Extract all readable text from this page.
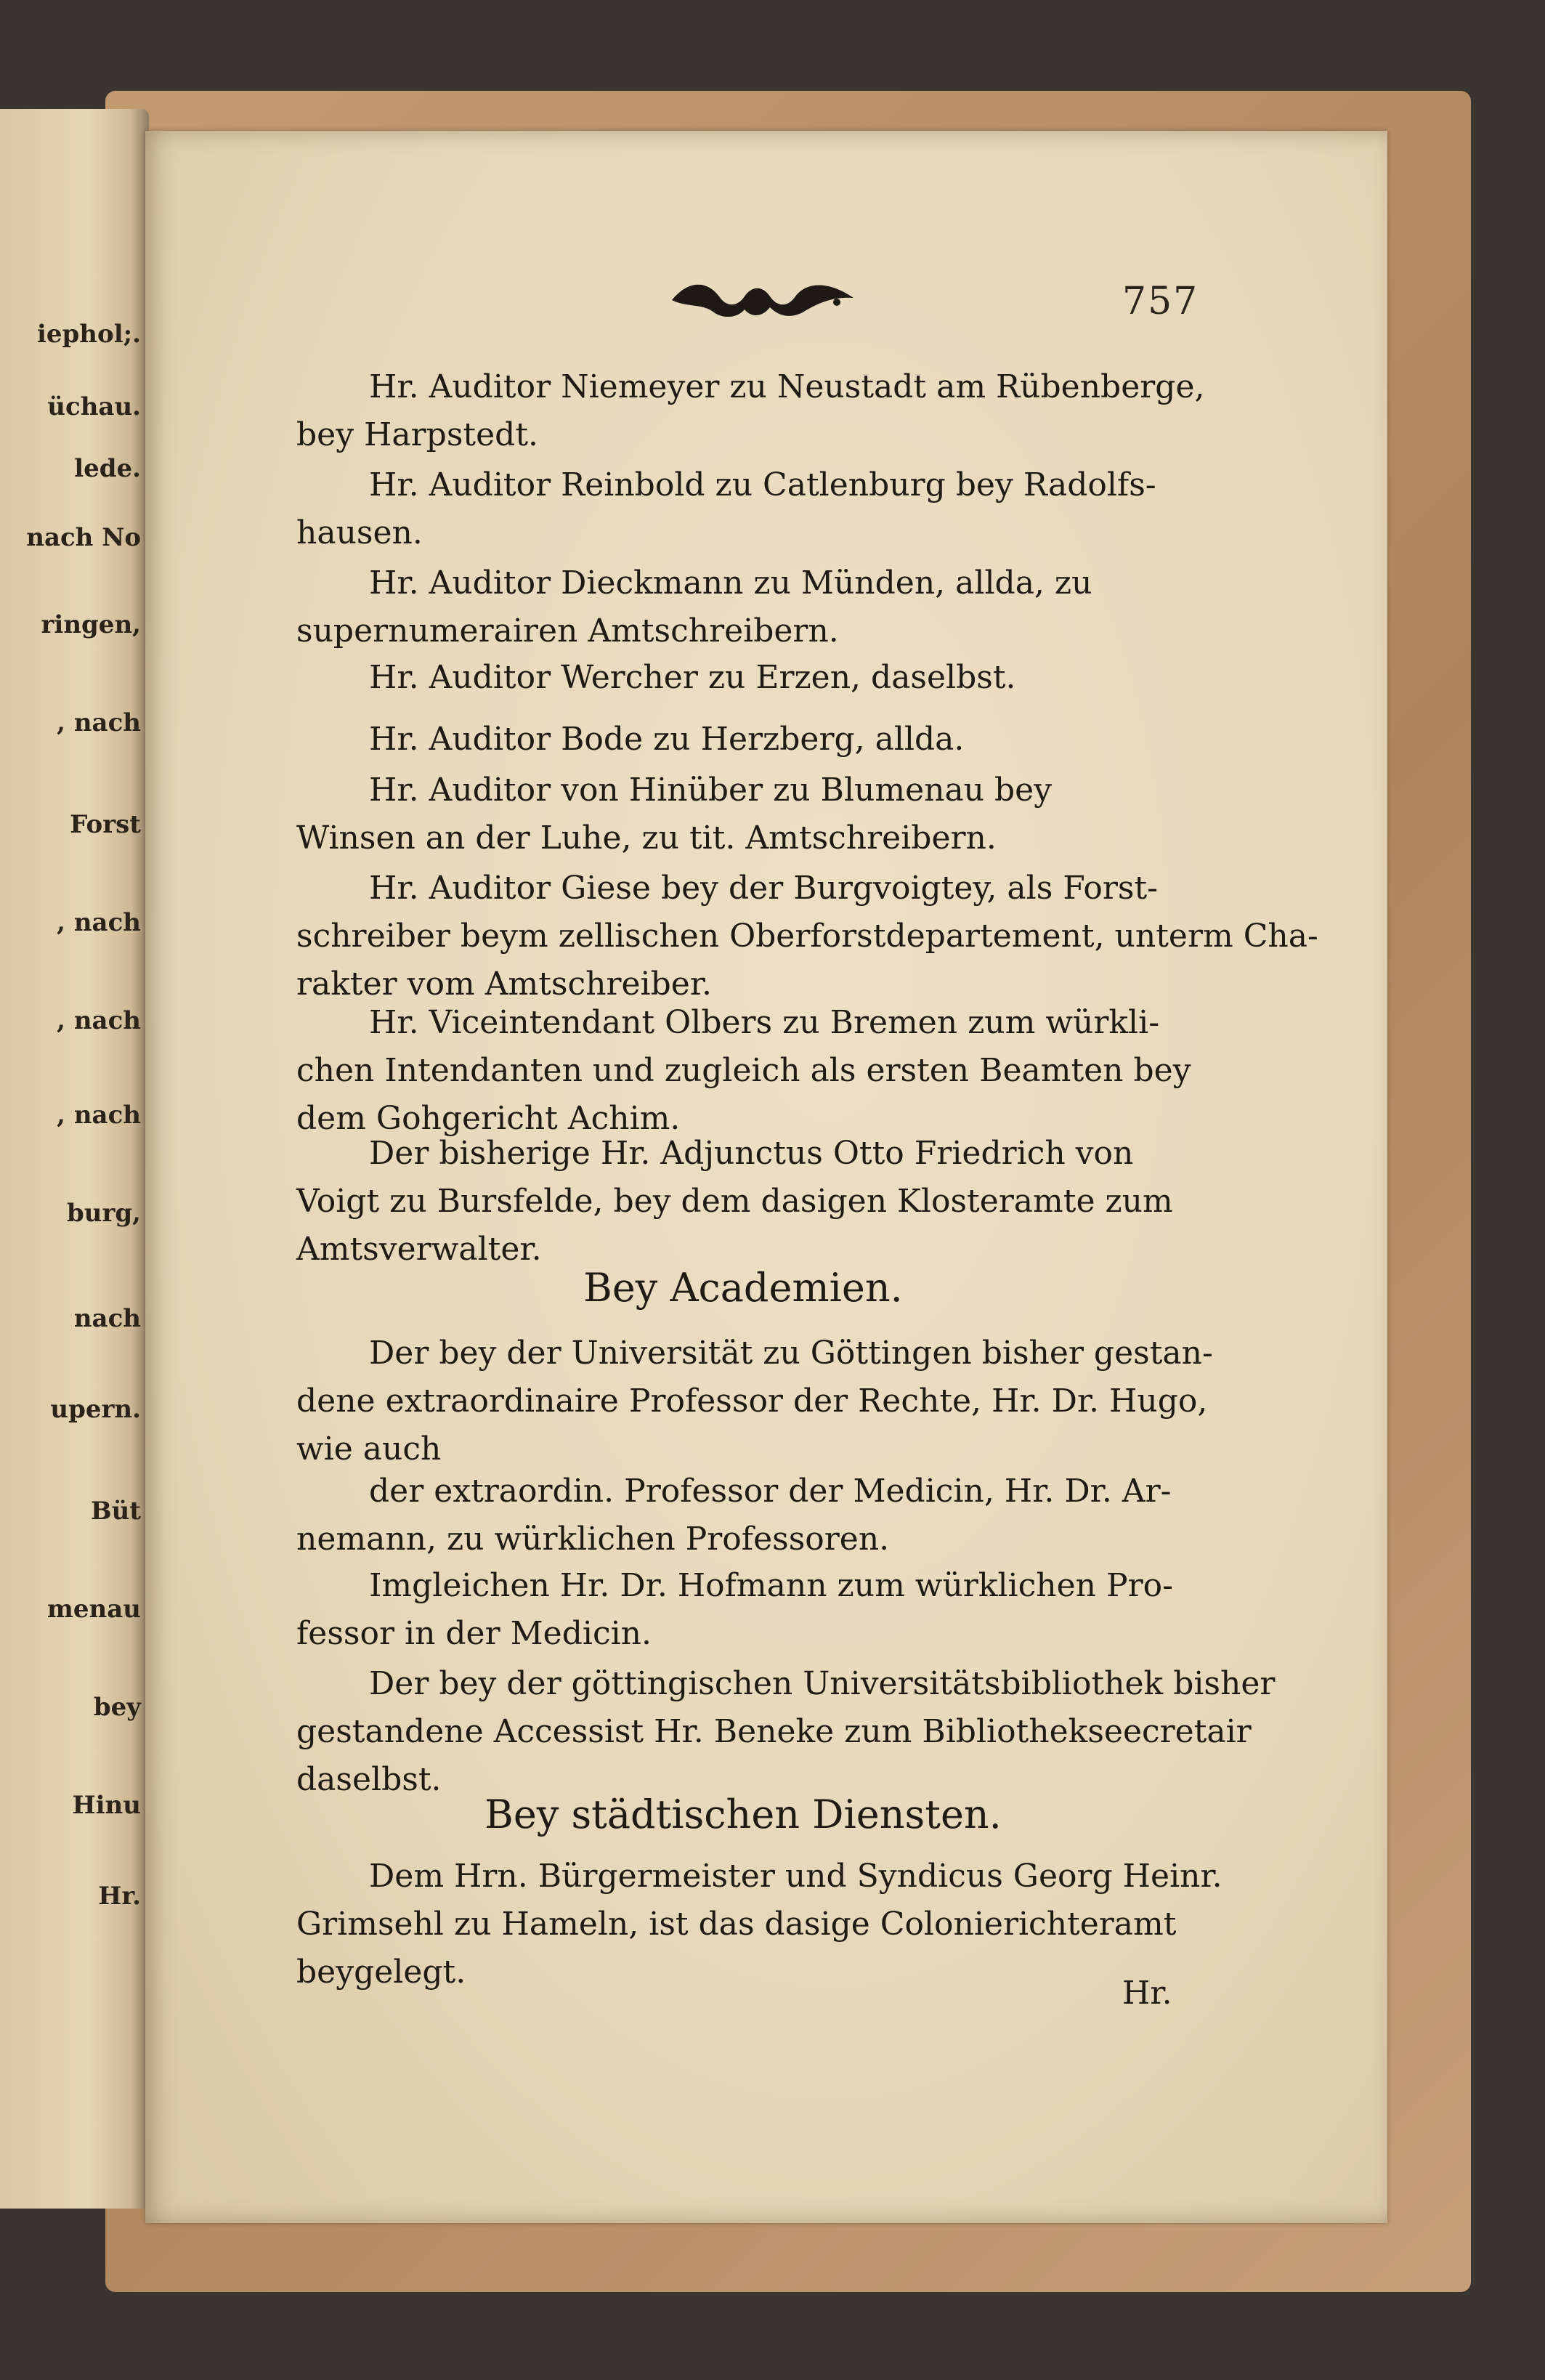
757
iephol;.
üchau.
lede.
nach No
ringen,
, nach
Forst
, nach
, nach
, nach
burg,
nach
upern.
Büt
menau
bey
Hinu
Hr.
Hr. Auditor Niemeyer zu Neustadt am Rübenberge,
bey Harpstedt.
Hr. Auditor Reinbold zu Catlenburg bey Radolfs-
hausen.
Hr. Auditor Dieckmann zu Münden, allda, zu
supernumerairen Amtschreibern.
Hr. Auditor Wercher zu Erzen, daselbst.
Hr. Auditor Bode zu Herzberg, allda.
Hr. Auditor von Hinüber zu Blumenau bey
Winsen an der Luhe, zu tit. Amtschreibern.
Hr. Auditor Giese bey der Burgvoigtey, als Forst-
schreiber beym zellischen Oberforstdepartement, unterm Cha-
rakter vom Amtschreiber.
Hr. Viceintendant Olbers zu Bremen zum würkli-
chen Intendanten und zugleich als ersten Beamten bey
dem Gohgericht Achim.
Der bisherige Hr. Adjunctus Otto Friedrich von
Voigt zu Bursfelde, bey dem dasigen Klosteramte zum
Amtsverwalter.
Bey Academien.
Der bey der Universität zu Göttingen bisher gestan-
dene extraordinaire Professor der Rechte, Hr. Dr. Hugo,
wie auch
der extraordin. Professor der Medicin, Hr. Dr. Ar-
nemann, zu würklichen Professoren.
Imgleichen Hr. Dr. Hofmann zum würklichen Pro-
fessor in der Medicin.
Der bey der göttingischen Universitätsbibliothek bisher
gestandene Accessist Hr. Beneke zum Bibliothekseecretair
daselbst.
Bey städtischen Diensten.
Dem Hrn. Bürgermeister und Syndicus Georg Heinr.
Grimsehl zu Hameln, ist das dasige Colonierichteramt
beygelegt.
Hr.
